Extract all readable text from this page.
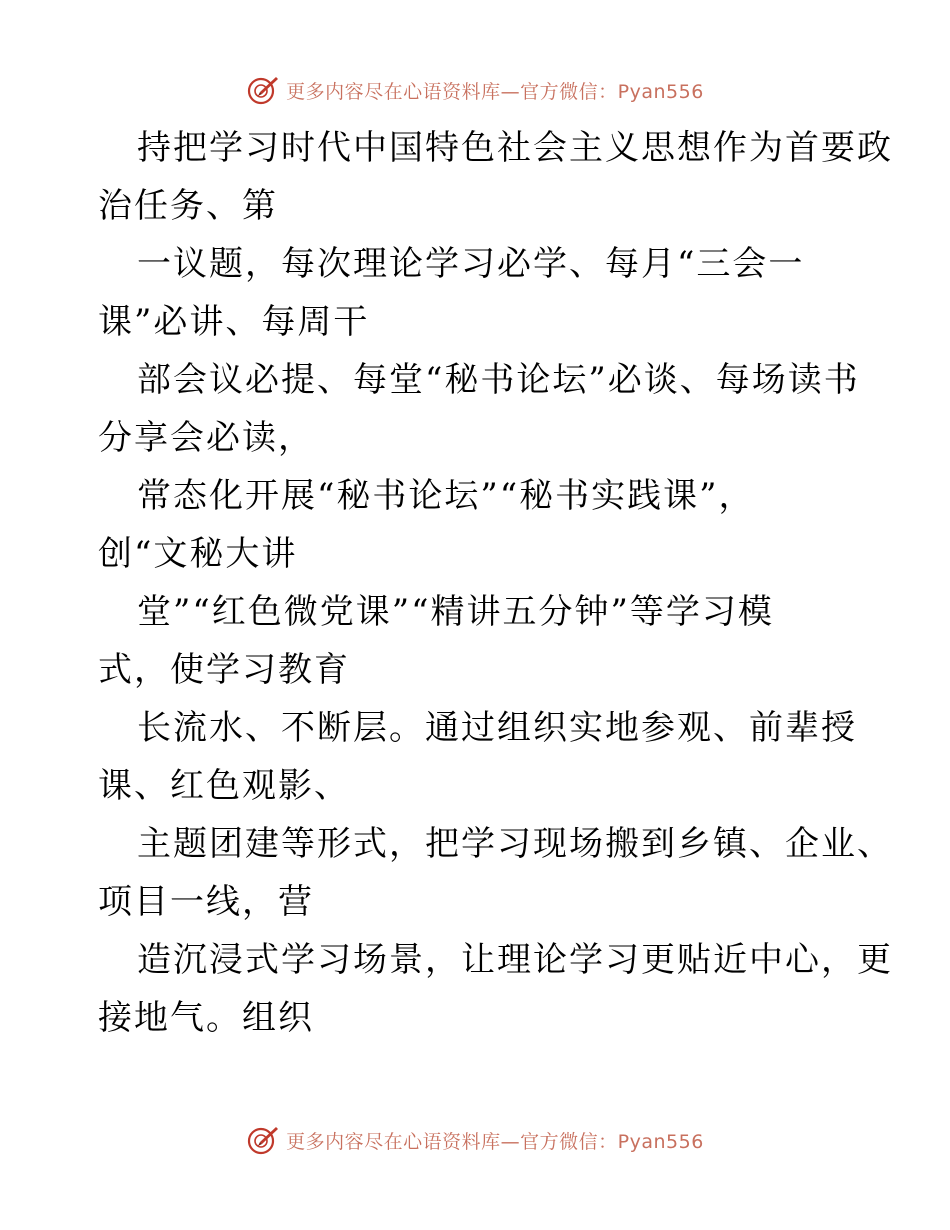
更多内容尽在心语资料库—官方微信：Pyan556
持把学习时代中国特色社会主义思想作为首要政
治任务、第
一议题，每次理论学习必学、每月“三会一
课”必讲、每周干
部会议必提、每堂“秘书论坛”必谈、每场读书
分享会必读，
常态化开展“秘书论坛”“秘书实践课”，
创“文秘大讲
堂”“红色微党课”“精讲五分钟”等学习模
式，使学习教育
长流水、不断层。通过组织实地参观、前辈授
课、红色观影、
主题团建等形式，把学习现场搬到乡镇、企业、
项目一线，营
造沉浸式学习场景，让理论学习更贴近中心，更
接地气。组织
更多内容尽在心语资料库—官方微信：Pyan556
